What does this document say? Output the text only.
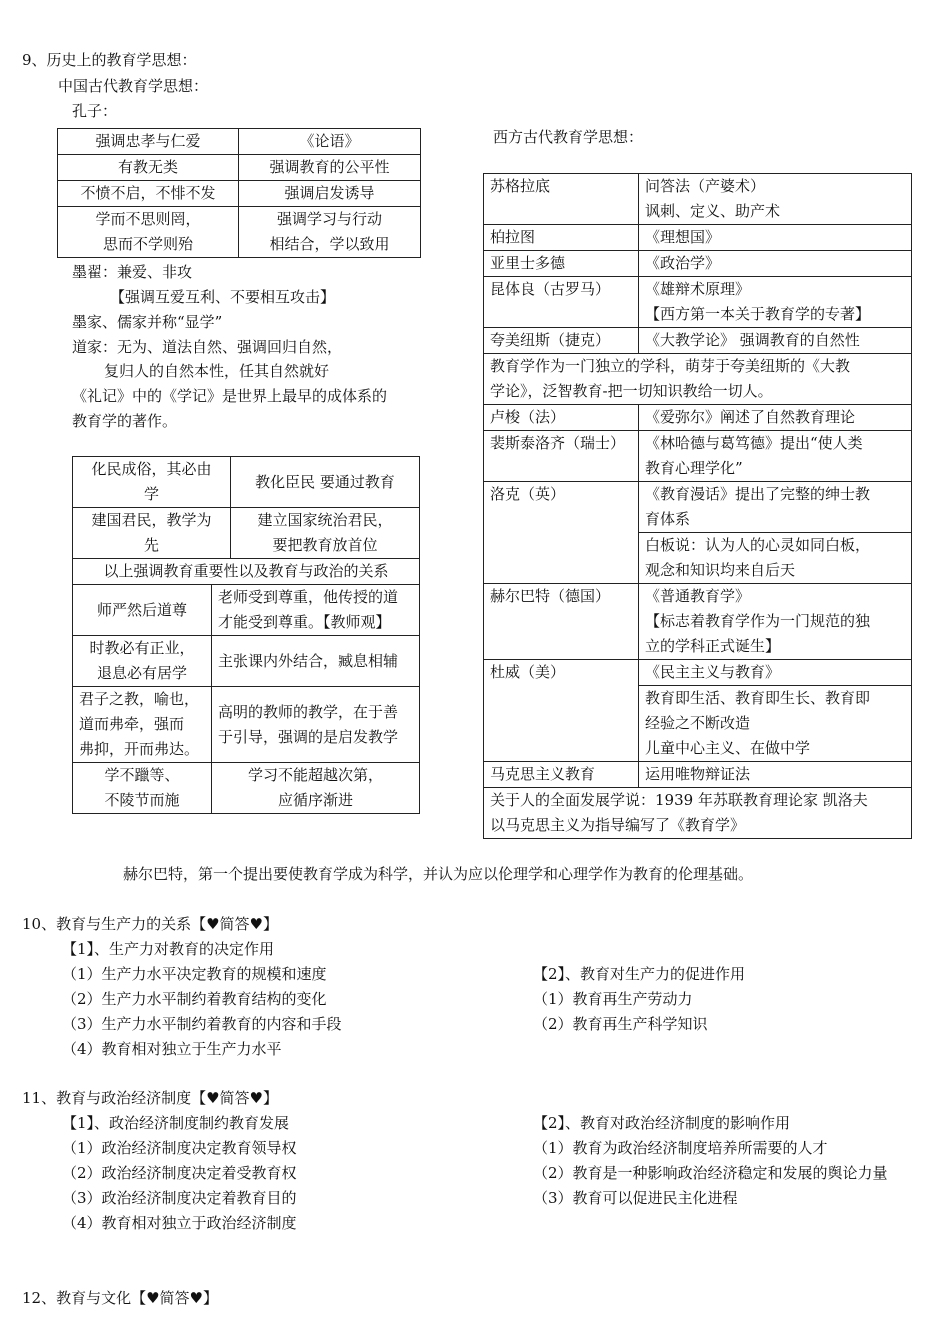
9、历史上的教育学思想：
中国古代教育学思想：
孔子：
强调忠孝与仁爱	《论语》
有教无类	强调教育的公平性
不愤不启，不悱不发	强调启发诱导

学而不思则罔，
思而不学则殆	强调学习与行动
相结合，学以致用
墨翟：兼爱、非攻
【强调互爱互利、不要相互攻击】
墨家、儒家并称“显学”
道家：无为、道法自然、强调回归自然，
复归人的自然本性，任其自然就好
《礼记》中的《学记》是世界上最早的成体系的
教育学的著作。
化民成俗，其必由
学	教化臣民 要通过教育

建国君民，教学为
先	建立国家统治君民，
要把教育放首位

以上强调教育重要性以及教育与政治的关系	
师严然后道尊	老师受到尊重，他传授的道
才能受到尊重。【教师观】

时教必有正业，
退息必有居学	主张课内外结合，臧息相辅

君子之教，喻也，
道而弗牵，强而
弗抑，开而弗达。	高明的教师的教学，在于善
于引导，强调的是启发教学

学不躐等、
不陵节而施	学习不能超越次第，
应循序渐进
西方古代教育学思想：
苏格拉底	问答法（产婆术）
讽刺、定义、助产术

柏拉图	《理想国》
亚里士多德	《政治学》
昆体良（古罗马）	《雄辩术原理》
【西方第一本关于教育学的专著】

夸美纽斯（捷克）	《大教学论》 强调教育的自然性

教育学作为一门独立的学科，萌芽于夸美纽斯的《大教
学论》，泛智教育-把一切知识教给一切人。	

卢梭（法）	《爱弥尔》阐述了自然教育理论
裴斯泰洛齐（瑞士）	《林哈德与葛笃德》提出“使人类
教育心理学化”

洛克（英）	《教育漫话》提出了完整的绅士教
育体系

	白板说：认为人的心灵如同白板，
观念和知识均来自后天

赫尔巴特（德国）	《普通教育学》
【标志着教育学作为一门规范的独
立的学科正式诞生】

杜威（美）	《民主主义与教育》

	教育即生活、教育即生长、教育即
经验之不断改造
儿童中心主义、在做中学

马克思主义教育	运用唯物辩证法

关于人的全面发展学说：1939 年苏联教育理论家 凯洛夫
以马克思主义为指导编写了《教育学》	
赫尔巴特，第一个提出要使教育学成为科学，并认为应以伦理学和心理学作为教育的伦理基础。
10、教育与生产力的关系【♥简答♥】
【1】、生产力对教育的决定作用
（1）生产力水平决定教育的规模和速度
（2）生产力水平制约着教育结构的变化
（3）生产力水平制约着教育的内容和手段
（4）教育相对独立于生产力水平
【2】、教育对生产力的促进作用
（1）教育再生产劳动力
（2）教育再生产科学知识
11、教育与政治经济制度【♥简答♥】
【1】、政治经济制度制约教育发展
（1）政治经济制度决定教育领导权
（2）政治经济制度决定着受教育权
（3）政治经济制度决定着教育目的
（4）教育相对独立于政治经济制度
【2】、教育对政治经济制度的影响作用
（1）教育为政治经济制度培养所需要的人才
（2）教育是一种影响政治经济稳定和发展的舆论力量
（3）教育可以促进民主化进程
12、教育与文化【♥简答♥】
